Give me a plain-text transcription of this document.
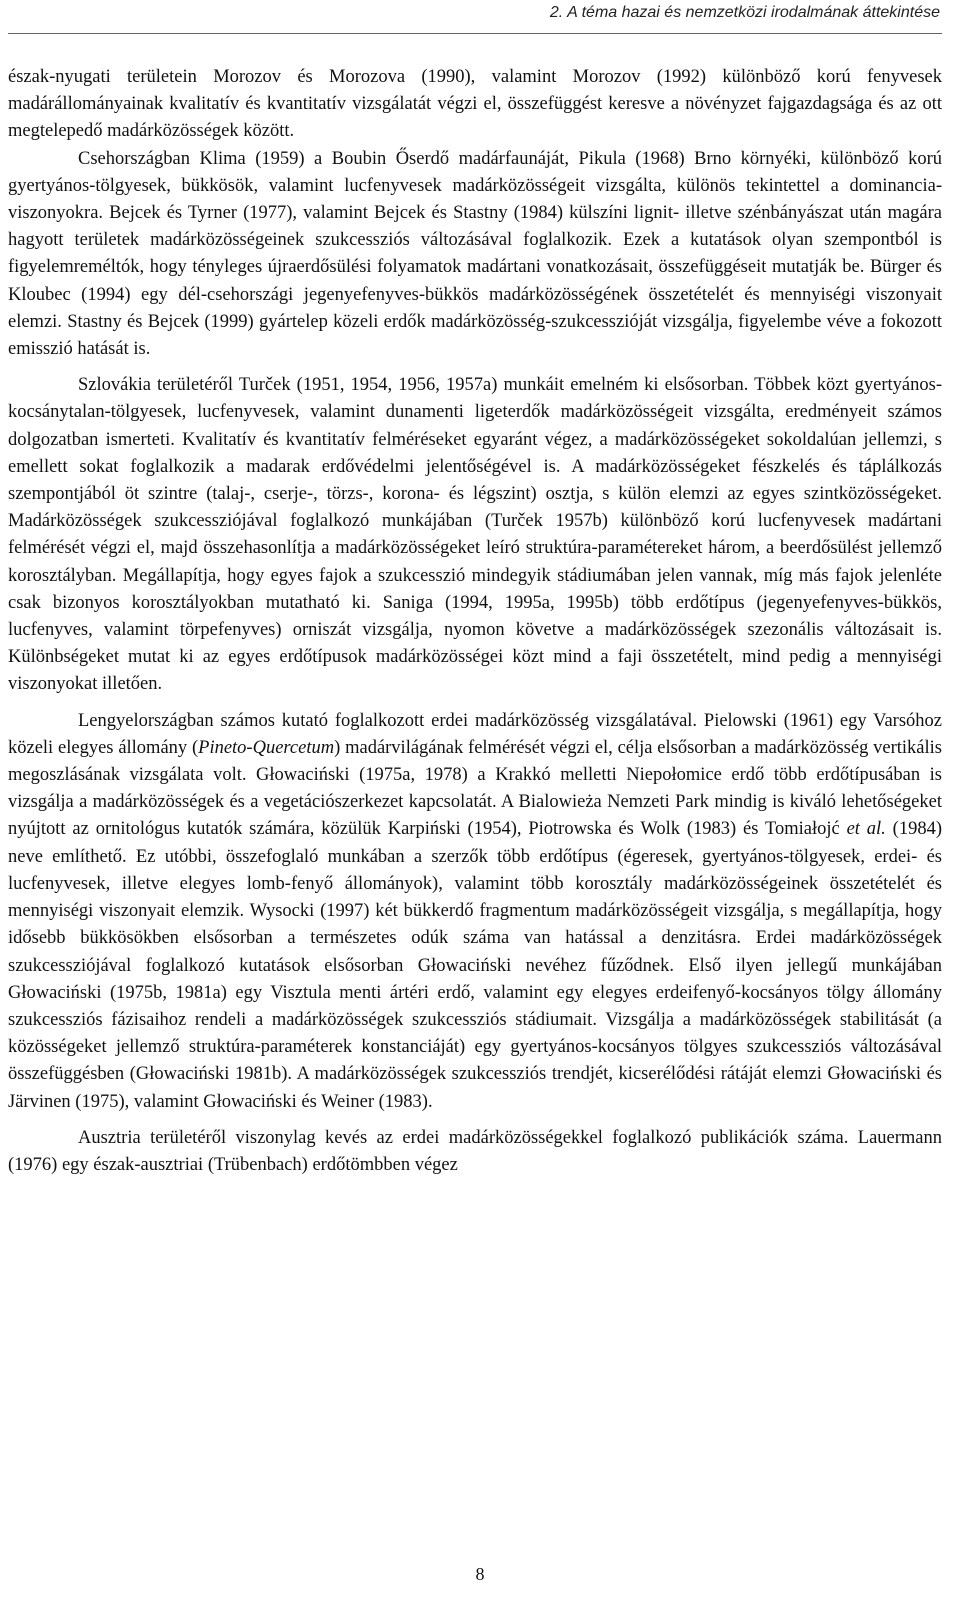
2. A téma hazai és nemzetközi irodalmának áttekintése

észak-nyugati területein Morozov és Morozova (1990), valamint Morozov (1992) különböző korú fenyvesek madárállományainak kvalitatív és kvantitatív vizsgálatát végzi el, összefüggést keresve a növényzet fajgazdagsága és az ott megtelepedő madárközösségek között.

Csehországban Klima (1959) a Boubin Őserdő madárfaunáját, Pikula (1968) Brno környéki, különböző korú gyertyános-tölgyesek, bükkösök, valamint lucfenyvesek madárközösségeit vizsgálta, különös tekintettel a dominancia-viszonyokra. Bejcek és Tyrner (1977), valamint Bejcek és Stastny (1984) külszíni lignit- illetve szénbányászat után magára hagyott területek madárközösségeinek szukcessziós változásával foglalkozik. Ezek a kutatások olyan szempontból is figyelemreméltók, hogy tényleges újraerdősülési folyamatok madártani vonatkozásait, összefüggéseit mutatják be. Bürger és Kloubec (1994) egy dél-csehországi jegenyefenyves-bükkös madárközösségének összetételét és mennyiségi viszonyait elemzi. Stastny és Bejcek (1999) gyártelep közeli erdők madárközösség-szukcesszióját vizsgálja, figyelembe véve a fokozott emisszió hatását is.

Szlovákia területéről Turček (1951, 1954, 1956, 1957a) munkáit emelném ki elsősorban. Többek közt gyertyános-kocsánytalan-tölgyesek, lucfenyvesek, valamint dunamenti ligeterdők madárközösségeit vizsgálta, eredményeit számos dolgozatban ismerteti. Kvalitatív és kvantitatív felméréseket egyaránt végez, a madárközösségeket sokoldalúan jellemzi, s emellett sokat foglalkozik a madarak erdővédelmi jelentőségével is. A madárközösségeket fészkelés és táplálkozás szempontjából öt szintre (talaj-, cserje-, törzs-, korona- és légszint) osztja, s külön elemzi az egyes szintközösségeket. Madárközösségek szukcessziójával foglalkozó munkájában (Turček 1957b) különböző korú lucfenyvesek madártani felmérését végzi el, majd összehasonlítja a madárközösségeket leíró struktúra-paramétereket három, a beerdősülést jellemző korosztályban. Megállapítja, hogy egyes fajok a szukcesszió mindegyik stádiumában jelen vannak, míg más fajok jelenléte csak bizonyos korosztályokban mutatható ki. Saniga (1994, 1995a, 1995b) több erdőtípus (jegenyefenyves-bükkös, lucfenyves, valamint törpefenyves) orniszát vizsgálja, nyomon követve a madárközösségek szezonális változásait is. Különbségeket mutat ki az egyes erdőtípusok madárközösségei közt mind a faji összetételt, mind pedig a mennyiségi viszonyokat illetően.

Lengyelországban számos kutató foglalkozott erdei madárközösség vizsgálatával. Pielowski (1961) egy Varsóhoz közeli elegyes állomány (Pineto-Quercetum) madárvilágának felmérését végzi el, célja elsősorban a madárközösség vertikális megoszlásának vizsgálata volt. Głowaciński (1975a, 1978) a Krakkó melletti Niepołomice erdő több erdőtípusában is vizsgálja a madárközösségek és a vegetációszerkezet kapcsolatát. A Bialowieża Nemzeti Park mindig is kiváló lehetőségeket nyújtott az ornitológus kutatók számára, közülük Karpiński (1954), Piotrowska és Wolk (1983) és Tomiałojć et al. (1984) neve említhető. Ez utóbbi, összefoglaló munkában a szerzők több erdőtípus (égeresek, gyertyános-tölgyesek, erdei- és lucfenyvesek, illetve elegyes lomb-fenyő állományok), valamint több korosztály madárközösségeinek összetételét és mennyiségi viszonyait elemzik. Wysocki (1997) két bükkerdő fragmentum madárközösségeit vizsgálja, s megállapítja, hogy idősebb bükkösökben elsősorban a természetes odúk száma van hatással a denzitásra. Erdei madárközösségek szukcessziójával foglalkozó kutatások elsősorban Głowaciński nevéhez fűződnek. Első ilyen jellegű munkájában Głowaciński (1975b, 1981a) egy Visztula menti ártéri erdő, valamint egy elegyes erdeifenyő-kocsányos tölgy állomány szukcessziós fázisaihoz rendeli a madárközösségek szukcessziós stádiumait. Vizsgálja a madárközösségek stabilitását (a közösségeket jellemző struktúra-paraméterek konstanciáját) egy gyertyános-kocsányos tölgyes szukcessziós változásával összefüggésben (Głowaciński 1981b). A madárközösségek szukcessziós trendjét, kicserélődési rátáját elemzi Głowaciński és Järvinen (1975), valamint Głowaciński és Weiner (1983).

Ausztria területéről viszonylag kevés az erdei madárközösségekkel foglalkozó publikációk száma. Lauermann (1976) egy észak-ausztriai (Trübenbach) erdőtömbben végez

8
